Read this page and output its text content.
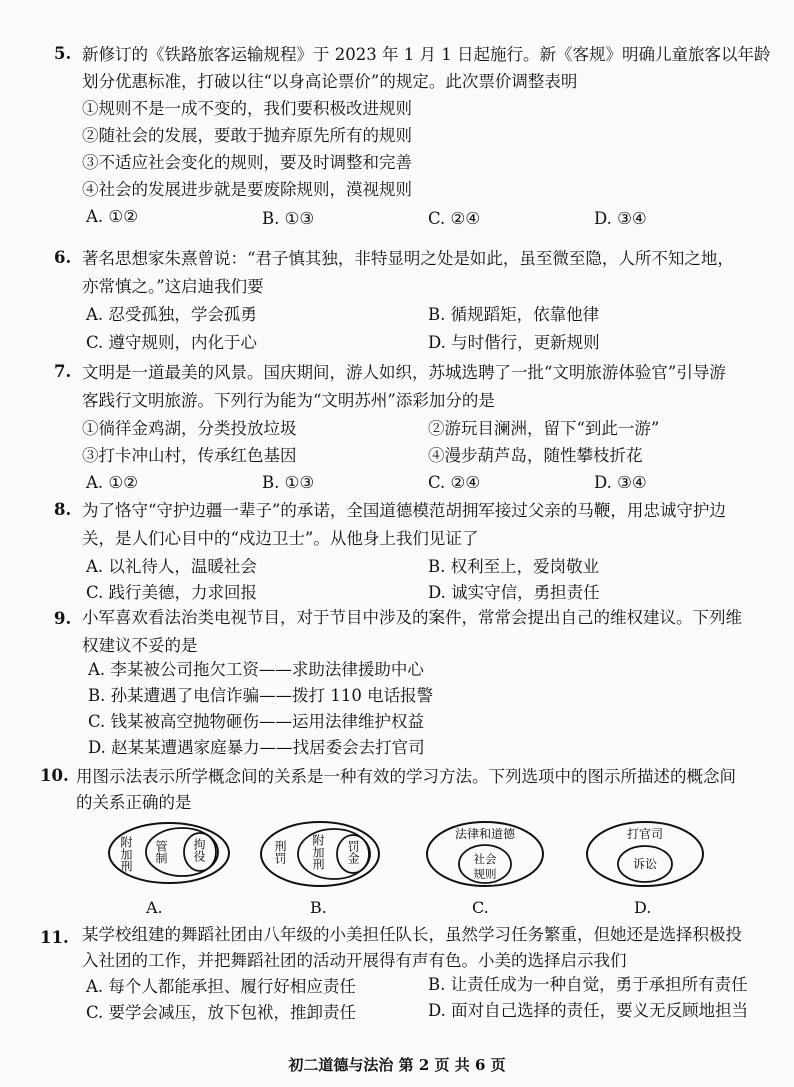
5. 新修订的《铁路旅客运输规程》于 2023 年 1 月 1 日起施行。新《客规》明确儿童旅客以年龄
划分优惠标准，打破以往“以身高论票价”的规定。此次票价调整表明
①规则不是一成不变的，我们要积极改进规则
②随社会的发展，要敢于抛弃原先所有的规则
③不适应社会变化的规则，要及时调整和完善
④社会的发展进步就是要废除规则，漠视规则
A. ①②	B. ①③	C. ②④	D. ③④
6. 著名思想家朱熹曾说：“君子慎其独，非特显明之处是如此，虽至微至隐，人所不知之地，
亦常慎之。”这启迪我们要
A. 忍受孤独，学会孤勇	B. 循规蹈矩，依靠他律
C. 遵守规则，内化于心	D. 与时偕行，更新规则
7. 文明是一道最美的风景。国庆期间，游人如织，苏城选聘了一批“文明旅游体验官”引导游
客践行文明旅游。下列行为能为“文明苏州”添彩加分的是
①徜徉金鸡湖，分类投放垃圾	②游玩目澜洲，留下“到此一游”
③打卡冲山村，传承红色基因	④漫步葫芦岛，随性攀枝折花
A. ①②	B. ①③	C. ②④	D. ③④
8. 为了恪守“守护边疆一辈子”的承诺，全国道德模范胡拥军接过父亲的马鞭，用忠诚守护边
关，是人们心目中的“戍边卫士”。从他身上我们见证了
A. 以礼待人，温暖社会	B. 权利至上，爱岗敬业
C. 践行美德，力求回报	D. 诚实守信，勇担责任
9. 小军喜欢看法治类电视节目，对于节目中涉及的案件，常常会提出自己的维权建议。下列维
权建议不妥的是
A. 李某被公司拖欠工资——求助法律援助中心
B. 孙某遭遇了电信诈骗——拨打 110 电话报警
C. 钱某被高空抛物砸伤——运用法律维护权益
D. 赵某某遭遇家庭暴力——找居委会去打官司
10. 用图示法表示所学概念间的关系是一种有效的学习方法。下列选项中的图示所描述的概念间
的关系正确的是
附加刑 管制 拘役
A.
刑罚 附加刑 罚金
B.
法律和道德
社会
规则
C.
打官司
诉讼
D.
11. 某学校组建的舞蹈社团由八年级的小美担任队长，虽然学习任务繁重，但她还是选择积极投
入社团的工作，并把舞蹈社团的活动开展得有声有色。小美的选择启示我们
A. 每个人都能承担、履行好相应责任	B. 让责任成为一种自觉，勇于承担所有责任
C. 要学会减压，放下包袱，推卸责任	D. 面对自己选择的责任，要义无反顾地担当
初二道德与法治 第 2 页 共 6 页
